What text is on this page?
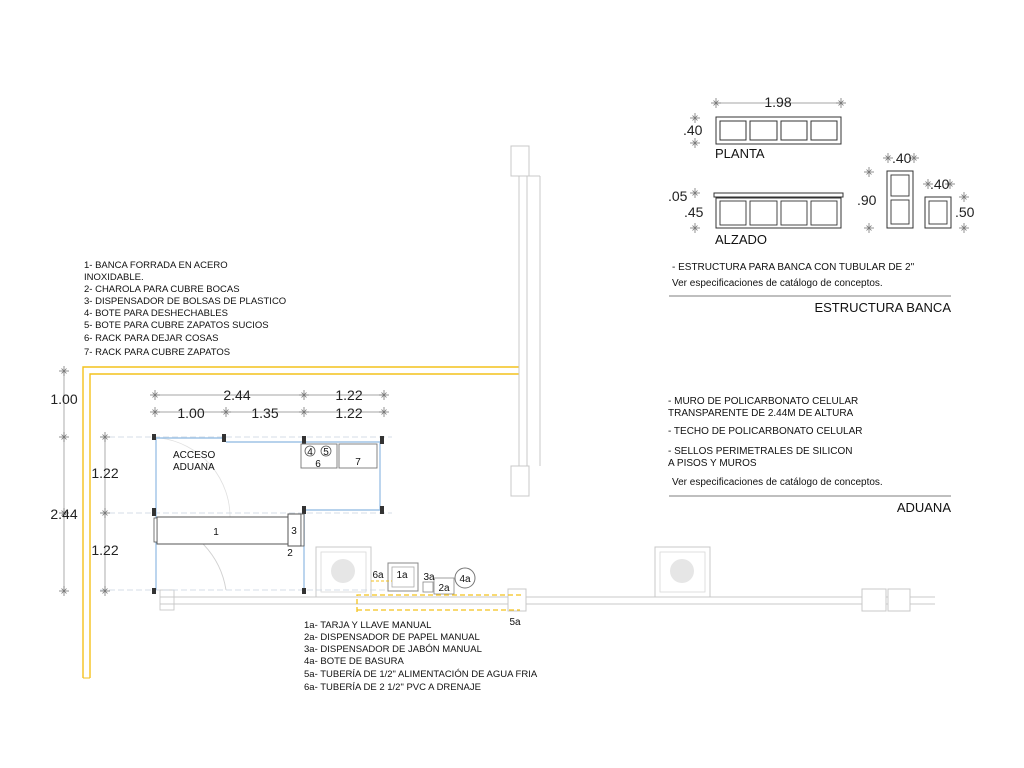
1.98
.40
PLANTA
.05
.45
ALZADO
.40
.90
.40
.50
- ESTRUCTURA PARA BANCA CON TUBULAR DE 2"
Ver especificaciones de catálogo de conceptos.
ESTRUCTURA BANCA
- MURO DE POLICARBONATO CELULAR
TRANSPARENTE DE 2.44M DE ALTURA
- TECHO DE POLICARBONATO CELULAR
- SELLOS PERIMETRALES DE SILICON
A PISOS Y MUROS
Ver especificaciones de catálogo de conceptos.
ADUANA
1- BANCA FORRADA EN ACERO
INOXIDABLE.
2- CHAROLA PARA CUBRE BOCAS
3- DISPENSADOR DE BOLSAS DE PLASTICO
4- BOTE PARA DESHECHABLES
5- BOTE PARA CUBRE ZAPATOS SUCIOS
6- RACK PARA DEJAR COSAS
7- RACK PARA CUBRE ZAPATOS
ACCESO
ADUANA
1
2
3
4 5
6	7
2.44	1.22
1.00	1.35	1.22
1.00
2.44
1.22
1.22
6a 1a 3a
2a
4a
5a
1a- TARJA Y LLAVE MANUAL
2a- DISPENSADOR DE PAPEL MANUAL
3a- DISPENSADOR DE JABÓN MANUAL
4a- BOTE DE BASURA
5a- TUBERÍA DE 1/2" ALIMENTACIÓN DE AGUA FRIA
6a- TUBERÍA DE 2 1/2" PVC A DRENAJE
